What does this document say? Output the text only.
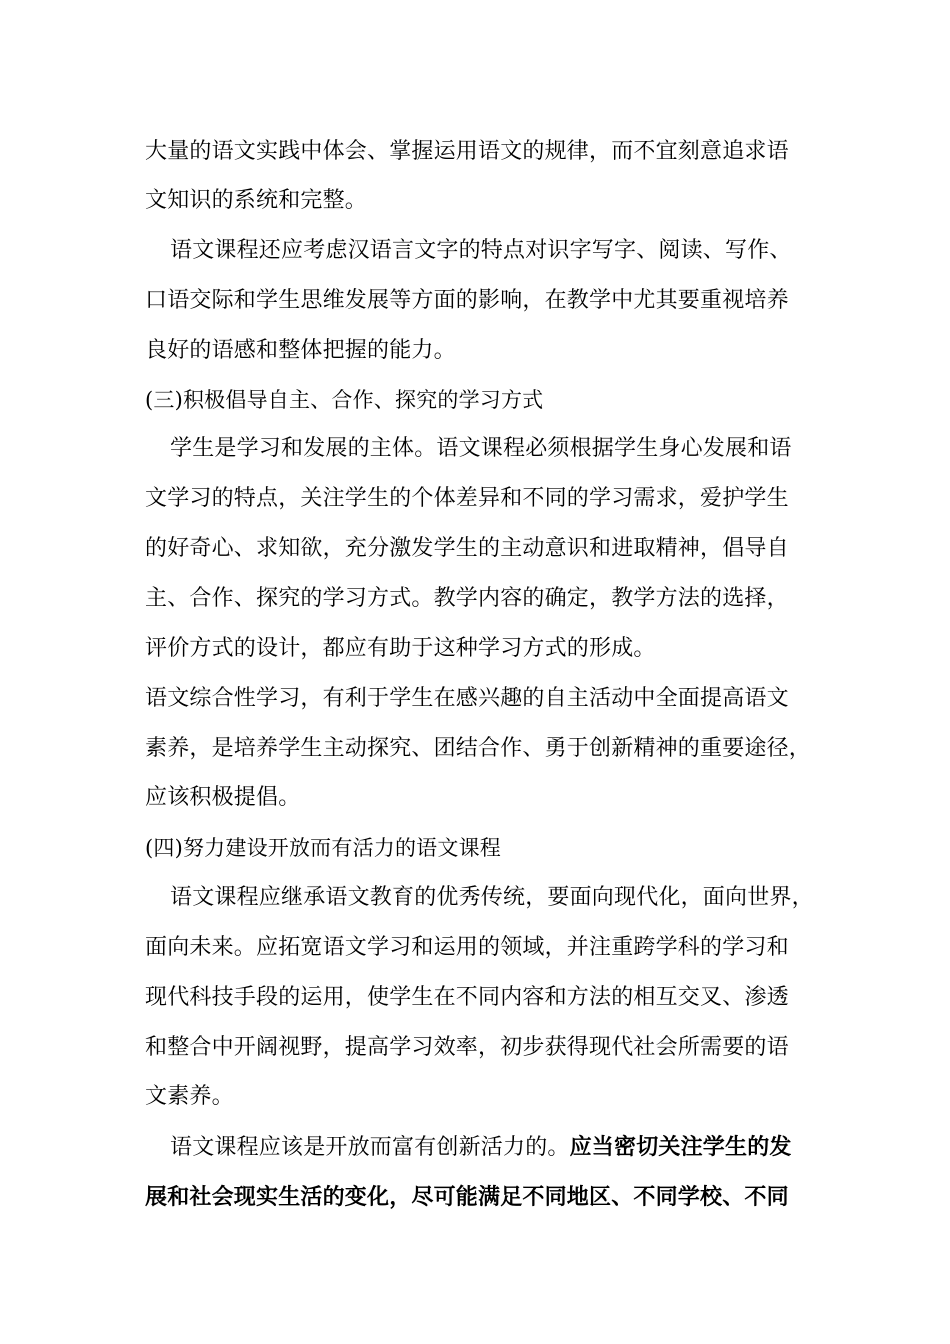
大量的语文实践中体会、掌握运用语文的规律，而不宜刻意追求语
文知识的系统和完整。
语文课程还应考虑汉语言文字的特点对识字写字、阅读、写作、
口语交际和学生思维发展等方面的影响，在教学中尤其要重视培养
良好的语感和整体把握的能力。
(三)积极倡导自主、合作、探究的学习方式
学生是学习和发展的主体。语文课程必须根据学生身心发展和语
文学习的特点，关注学生的个体差异和不同的学习需求，爱护学生
的好奇心、求知欲，充分激发学生的主动意识和进取精神，倡导自
主、合作、探究的学习方式。教学内容的确定，教学方法的选择，
评价方式的设计，都应有助于这种学习方式的形成。
语文综合性学习，有利于学生在感兴趣的自主活动中全面提高语文
素养，是培养学生主动探究、团结合作、勇于创新精神的重要途径，
应该积极提倡。
(四)努力建设开放而有活力的语文课程
语文课程应继承语文教育的优秀传统，要面向现代化，面向世界，
面向未来。应拓宽语文学习和运用的领域，并注重跨学科的学习和
现代科技手段的运用，使学生在不同内容和方法的相互交叉、渗透
和整合中开阔视野，提高学习效率，初步获得现代社会所需要的语
文素养。
语文课程应该是开放而富有创新活力的。应当密切关注学生的发
展和社会现实生活的变化，尽可能满足不同地区、不同学校、不同
